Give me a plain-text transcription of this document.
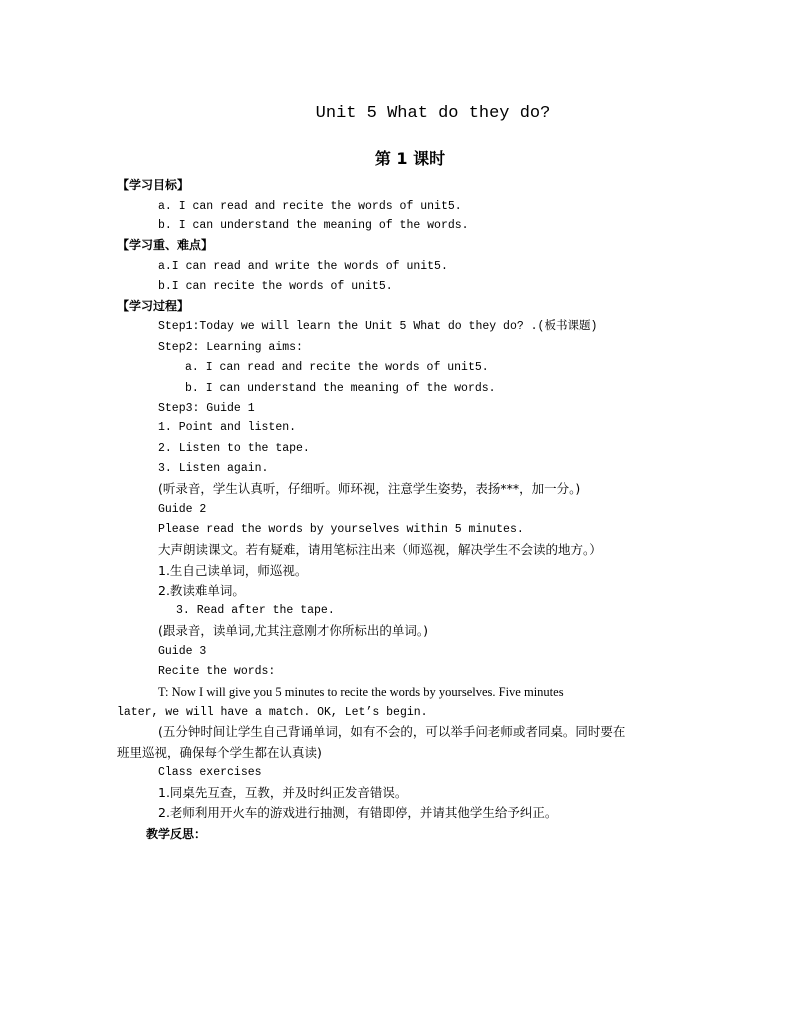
Unit 5 What do they do?
第 1 课时
【学习目标】
a. I can read and recite the words of unit5.
b. I can understand the meaning of the words.
【学习重、难点】
a.I can read and write the words of unit5.
b.I can recite the words of unit5.
【学习过程】
Step1:Today we will learn the Unit 5 What do they do? .(板书课题)
Step2: Learning aims:
a. I can read and recite the words of unit5.
b. I can understand the meaning of the words.
Step3: Guide 1
1. Point and listen.
2. Listen to the tape.
3. Listen again.
(听录音，学生认真听，仔细听。师环视，注意学生姿势，表扬***，加一分。)
Guide 2
Please read the words by yourselves within 5 minutes.
大声朗读课文。若有疑难，请用笔标注出来（师巡视，解决学生不会读的地方。）
1.生自己读单词，师巡视。
2.教读难单词。
3. Read after the tape.
(跟录音，读单词,尤其注意刚才你所标出的单词。)
Guide 3
Recite the words:
T: Now I will give you 5 minutes to recite the words by yourselves. Five minutes
later, we will have a match. OK, Let’s begin.
(五分钟时间让学生自己背诵单词，如有不会的，可以举手问老师或者同桌。同时要在
班里巡视，确保每个学生都在认真读)
Class exercises
1.同桌先互查，互教，并及时纠正发音错误。
2.老师利用开火车的游戏进行抽测，有错即停，并请其他学生给予纠正。
教学反思：
